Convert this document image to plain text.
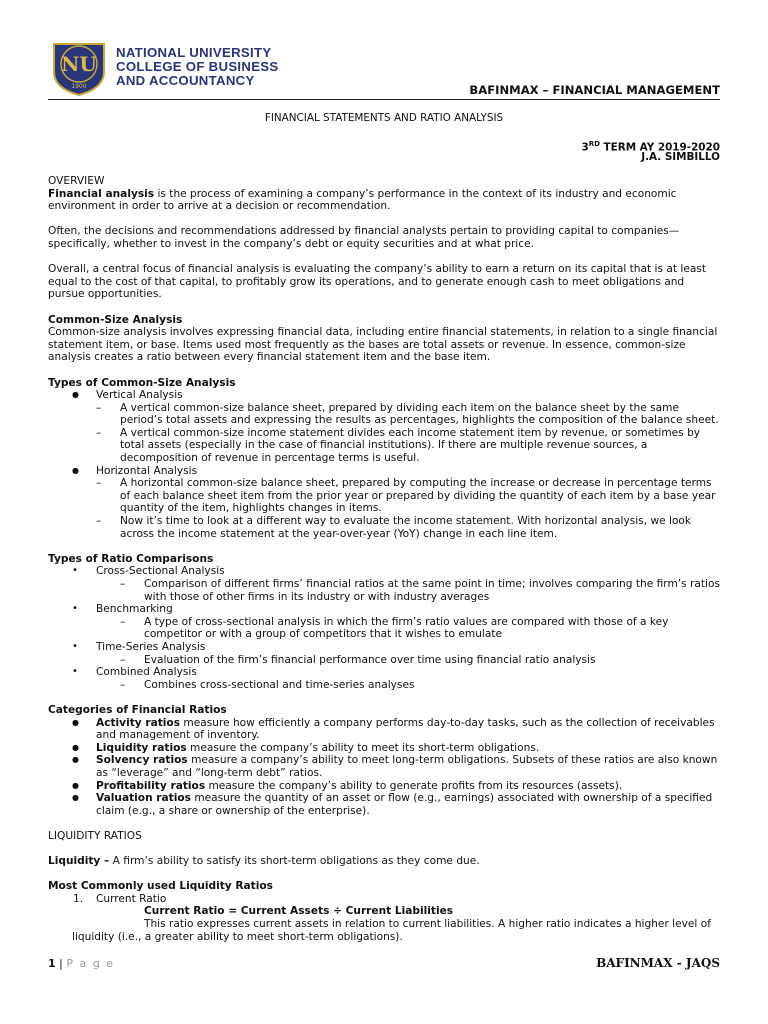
NU
1900
NATIONAL UNIVERSITY
COLLEGE OF BUSINESS
AND ACCOUNTANCY
BAFINMAX – FINANCIAL MANAGEMENT
FINANCIAL STATEMENTS AND RATIO ANALYSIS
3RD TERM AY 2019-2020
J.A. SIMBILLO

OVERVIEW

Financial analysis is the process of examining a company’s performance in the context of its industry and economic environment in order to arrive at a decision or recommendation.

Often, the decisions and recommendations addressed by financial analysts pertain to providing capital to companies—specifically, whether to invest in the company’s debt or equity securities and at what price.

Overall, a central focus of financial analysis is evaluating the company’s ability to earn a return on its capital that is at least equal to the cost of that capital, to profitably grow its operations, and to generate enough cash to meet obligations and pursue opportunities.

Common-Size Analysis

Common-size analysis involves expressing financial data, including entire financial statements, in relation to a single financial statement item, or base. Items used most frequently as the bases are total assets or revenue. In essence, common-size analysis creates a ratio between every financial statement item and the base item.

Types of Common-Size Analysis

● Vertical Analysis

– A vertical common-size balance sheet, prepared by dividing each item on the balance sheet by the same period’s total assets and expressing the results as percentages, highlights the composition of the balance sheet.

– A vertical common-size income statement divides each income statement item by revenue, or sometimes by total assets (especially in the case of financial institutions). If there are multiple revenue sources, a decomposition of revenue in percentage terms is useful.

● Horizontal Analysis

– A horizontal common-size balance sheet, prepared by computing the increase or decrease in percentage terms of each balance sheet item from the prior year or prepared by dividing the quantity of each item by a base year quantity of the item, highlights changes in items.

– Now it’s time to look at a different way to evaluate the income statement. With horizontal analysis, we look across the income statement at the year-over-year (YoY) change in each line item.

Types of Ratio Comparisons

• Cross-Sectional Analysis

– Comparison of different firms’ financial ratios at the same point in time; involves comparing the firm’s ratios with those of other firms in its industry or with industry averages

• Benchmarking

– A type of cross-sectional analysis in which the firm’s ratio values are compared with those of a key competitor or with a group of competitors that it wishes to emulate

• Time-Series Analysis

– Evaluation of the firm’s financial performance over time using financial ratio analysis

• Combined Analysis

– Combines cross-sectional and time-series analyses

Categories of Financial Ratios

● Activity ratios measure how efficiently a company performs day-to-day tasks, such as the collection of receivables and management of inventory.

● Liquidity ratios measure the company’s ability to meet its short-term obligations.

● Solvency ratios measure a company’s ability to meet long-term obligations. Subsets of these ratios are also known as “leverage” and “long-term debt” ratios.

● Profitability ratios measure the company’s ability to generate profits from its resources (assets).

● Valuation ratios measure the quantity of an asset or flow (e.g., earnings) associated with ownership of a specified claim (e.g., a share or ownership of the enterprise).

LIQUIDITY RATIOS

Liquidity – A firm’s ability to satisfy its short-term obligations as they come due.

Most Commonly used Liquidity Ratios

1. Current Ratio

Current Ratio = Current Assets ÷ Current Liabilities

This ratio expresses current assets in relation to current liabilities. A higher ratio indicates a higher level of liquidity (i.e., a greater ability to meet short-term obligations).

1 | P a g e	BAFINMAX - JAQS
